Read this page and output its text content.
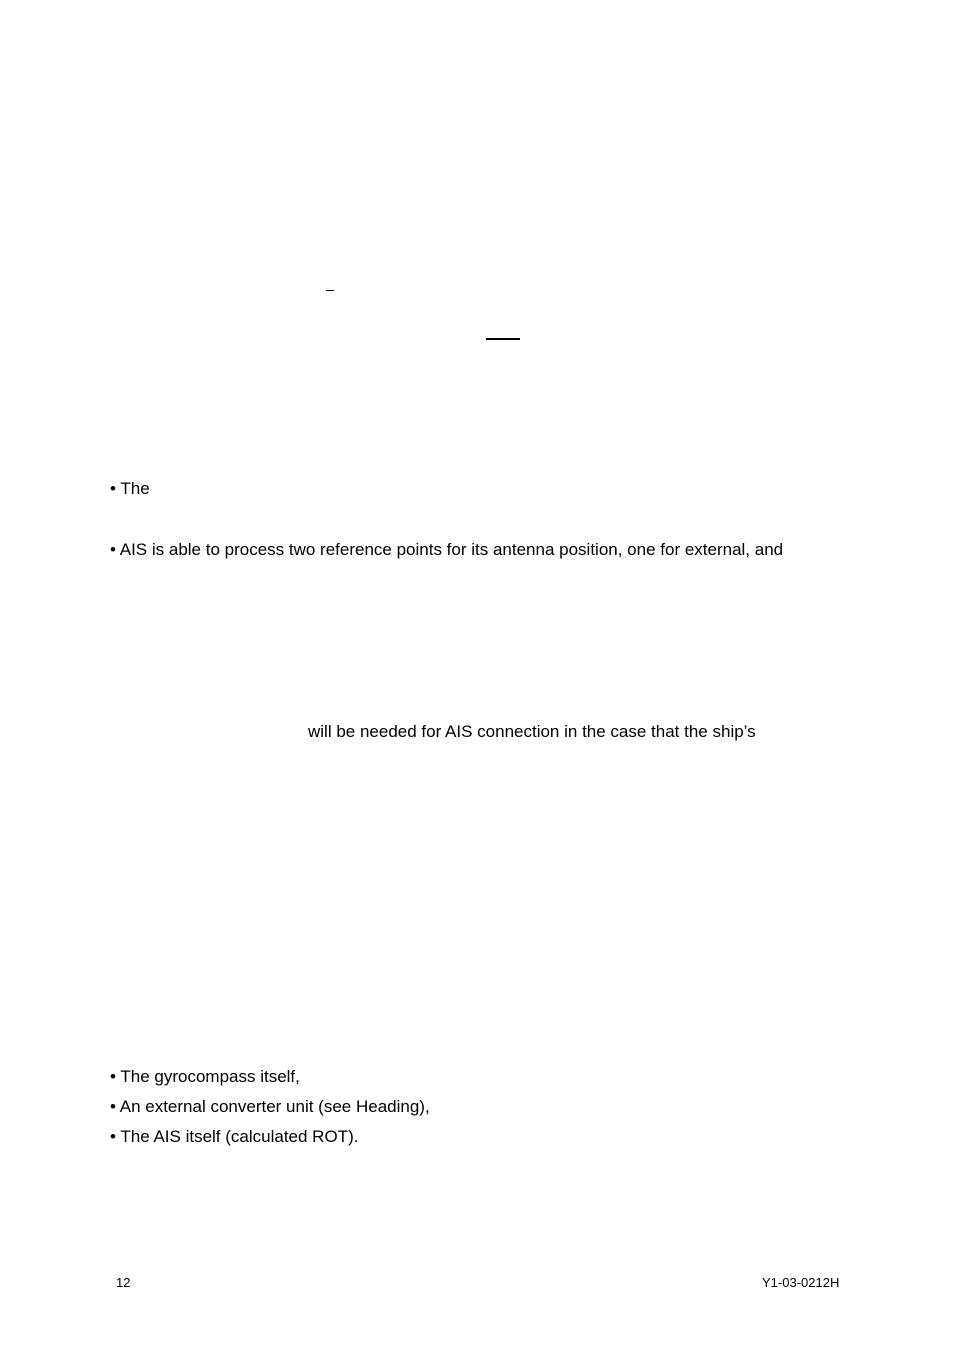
• The
• AIS is able to process two reference points for its antenna position, one for external, and
will be needed for AIS connection in the case that the ship’s
• The gyrocompass itself,
• An external converter unit (see Heading),
• The AIS itself (calculated ROT).
12	Y1-03-0212H
